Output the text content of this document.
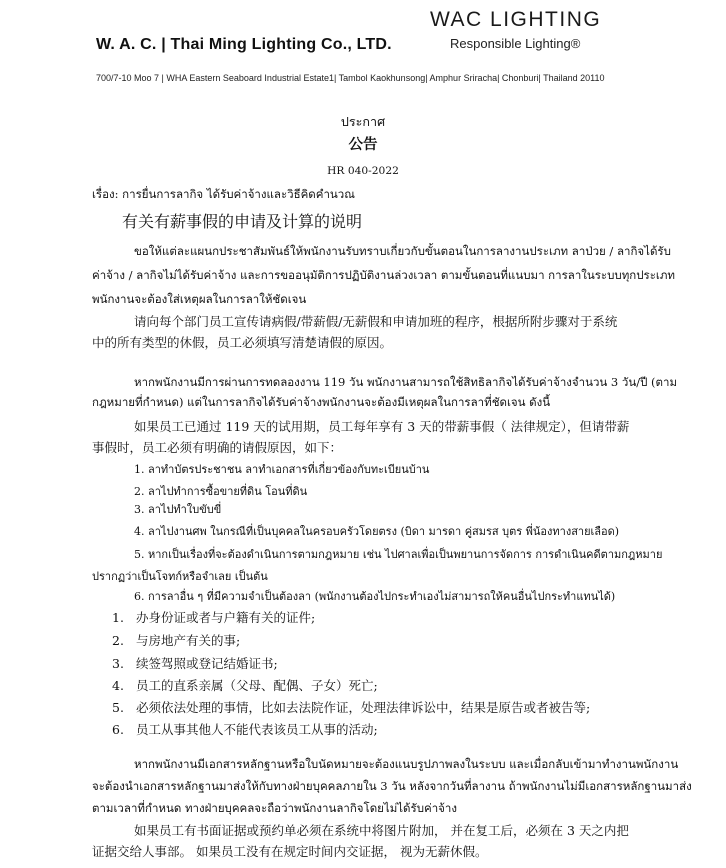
W. A. C. | Thai Ming Lighting Co., LTD.
WAC LIGHTING
Responsible Lighting®
700/7-10 Moo 7 | WHA Eastern Seaboard Industrial Estate1| Tambol Kaokhunsong| Amphur Sriracha| Chonburi| Thailand 20110
ประกาศ
公告
HR 040-2022
เรื่อง: การยื่นการลากิจ ได้รับค่าจ้างและวิธีคิดคำนวณ
有关有薪事假的申请及计算的说明
ขอให้แต่ละแผนกประชาสัมพันธ์ให้พนักงานรับทราบเกี่ยวกับขั้นตอนในการลางานประเภท ลาป่วย / ลากิจได้รับ
ค่าจ้าง / ลากิจไม่ได้รับค่าจ้าง และการขออนุมัติการปฏิบัติงานล่วงเวลา ตามขั้นตอนที่แนบมา การลาในระบบทุกประเภท
พนักงานจะต้องใส่เหตุผลในการลาให้ชัดเจน
请向每个部门员工宣传请病假/带薪假/无薪假和申请加班的程序，根据所附步骤对于系统
中的所有类型的休假，员工必须填写清楚请假的原因。
หากพนักงานมีการผ่านการทดลองงาน 119 วัน พนักงานสามารถใช้สิทธิลากิจได้รับค่าจ้างจำนวน 3 วัน/ปี (ตาม
กฎหมายที่กำหนด) แต่ในการลากิจได้รับค่าจ้างพนักงานจะต้องมีเหตุผลในการลาที่ชัดเจน ดังนี้
如果员工已通过 119 天的试用期，员工每年享有 3 天的带薪事假（ 法律规定），但请带薪
事假时，员工必须有明确的请假原因，如下：
1. ลาทำบัตรประชาชน ลาทำเอกสารที่เกี่ยวข้องกับทะเบียนบ้าน
2. ลาไปทำการซื้อขายที่ดิน โอนที่ดิน
3. ลาไปทำใบขับขี่
4. ลาไปงานศพ ในกรณีที่เป็นบุคคลในครอบครัวโดยตรง (บิดา มารดา คู่สมรส บุตร พี่น้องทางสายเลือด)
5. หากเป็นเรื่องที่จะต้องดำเนินการตามกฎหมาย เช่น ไปศาลเพื่อเป็นพยานการจัดการ การดำเนินคดีตามกฎหมาย
ปรากฏว่าเป็นโจทก์หรือจำเลย เป็นต้น
6. การลาอื่น ๆ ที่มีความจำเป็นต้องลา (พนักงานต้องไปกระทำเองไม่สามารถให้คนอื่นไปกระทำแทนได้)
1. 办身份证或者与户籍有关的证件;
2. 与房地产有关的事;
3. 续签驾照或登记结婚证书;
4. 员工的直系亲属（父母、配偶、子女）死亡;
5. 必须依法处理的事情，比如去法院作证，处理法律诉讼中，结果是原告或者被告等;
6. 员工从事其他人不能代表该员工从事的活动;
หากพนักงานมีเอกสารหลักฐานหรือใบนัดหมายจะต้องแนบรูปภาพลงในระบบ และเมื่อกลับเข้ามาทำงานพนักงาน
จะต้องนำเอกสารหลักฐานมาส่งให้กับทางฝ่ายบุคคลภายใน 3 วัน หลังจากวันที่ลางาน ถ้าพนักงานไม่มีเอกสารหลักฐานมาส่ง
ตามเวลาที่กำหนด ทางฝ่ายบุคคลจะถือว่าพนักงานลากิจโดยไม่ได้รับค่าจ้าง
如果员工有书面证据或预约单必须在系统中将图片附加， 并在复工后，必须在 3 天之内把
证据交给人事部。 如果员工没有在规定时间内交证据， 视为无薪休假。
